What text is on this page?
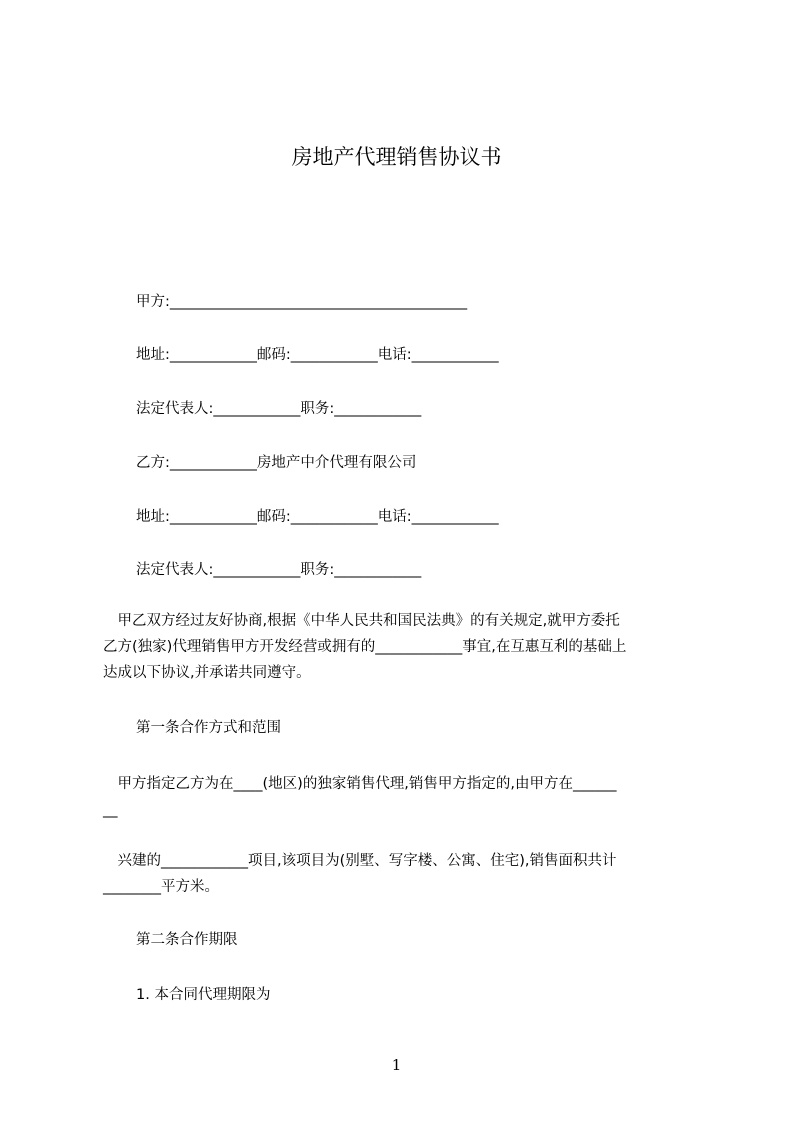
房地产代理销售协议书
甲方:_________________________________________
地址:____________邮码:____________电话:____________
法定代表人:____________职务:____________
乙方:____________房地产中介代理有限公司
地址:____________邮码:____________电话:____________
法定代表人:____________职务:____________
　甲乙双方经过友好协商,根据《中华人民共和国民法典》的有关规定,就甲方委托
乙方(独家)代理销售甲方开发经营或拥有的____________事宜,在互惠互利的基础上
达成以下协议,并承诺共同遵守。
第一条合作方式和范围
　甲方指定乙方为在____(地区)的独家销售代理,销售甲方指定的,由甲方在______
__
　兴建的____________项目,该项目为(别墅、写字楼、公寓、住宅),销售面积共计
________平方米。
第二条合作期限
1. 本合同代理期限为
1
